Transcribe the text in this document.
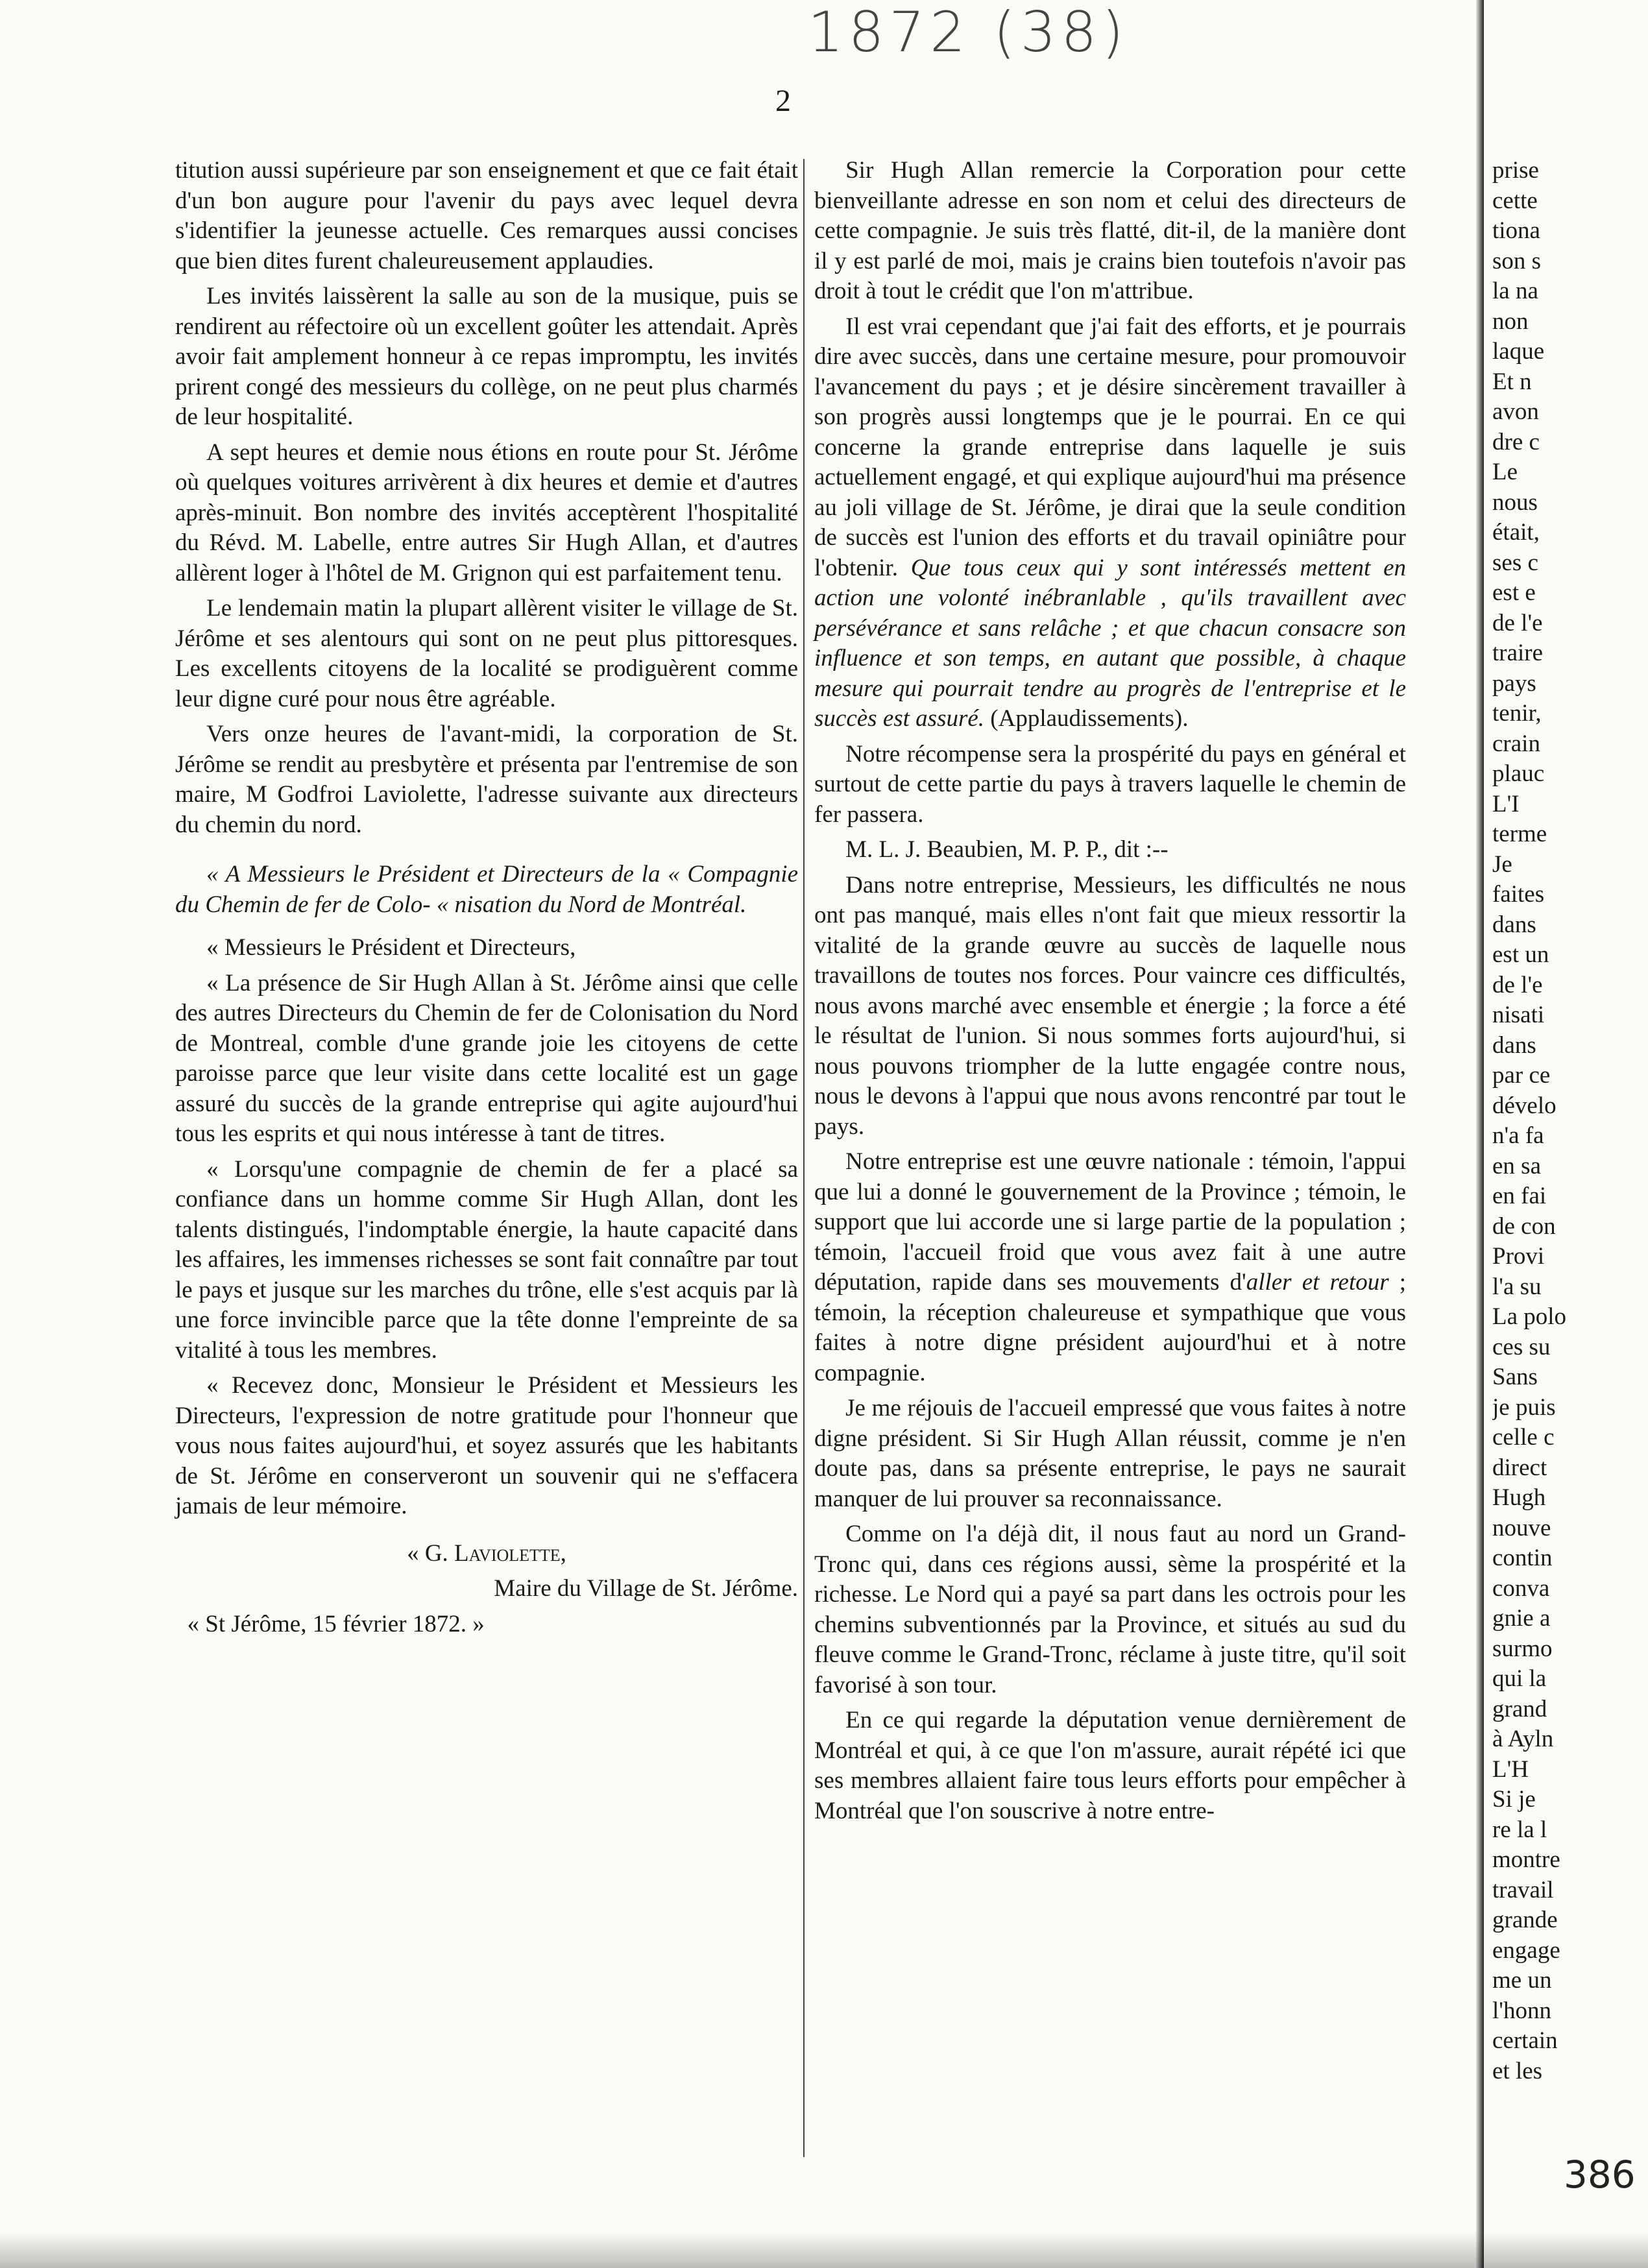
1872 (38)
2

titution aussi supérieure par son enseignement et que ce fait était d'un bon augure pour l'avenir du pays avec lequel devra s'identifier la jeunesse actuelle. Ces remarques aussi concises que bien dites furent chaleureusement applaudies.

Les invités laissèrent la salle au son de la musique, puis se rendirent au réfectoire où un excellent goûter les attendait. Après avoir fait amplement honneur à ce repas impromptu, les invités prirent congé des messieurs du collège, on ne peut plus charmés de leur hospitalité.

A sept heures et demie nous étions en route pour St. Jérôme où quelques voitures arrivèrent à dix heures et demie et d'autres après-minuit. Bon nombre des invités acceptèrent l'hospitalité du Révd. M. Labelle, entre autres Sir Hugh Allan, et d'autres allèrent loger à l'hôtel de M. Grignon qui est parfaitement tenu.

Le lendemain matin la plupart allèrent visiter le village de St. Jérôme et ses alentours qui sont on ne peut plus pittoresques. Les excellents citoyens de la localité se prodiguèrent comme leur digne curé pour nous être agréable.

Vers onze heures de l'avant-midi, la corporation de St. Jérôme se rendit au presbytère et présenta par l'entremise de son maire, M Godfroi Laviolette, l'adresse suivante aux directeurs du chemin du nord.

« A Messieurs le Président et Directeurs de la « Compagnie du Chemin de fer de Colo- « nisation du Nord de Montréal.

« Messieurs le Président et Directeurs,

« La présence de Sir Hugh Allan à St. Jérôme ainsi que celle des autres Directeurs du Chemin de fer de Colonisation du Nord de Montreal, comble d'une grande joie les citoyens de cette paroisse parce que leur visite dans cette localité est un gage assuré du succès de la grande entreprise qui agite aujourd'hui tous les esprits et qui nous intéresse à tant de titres.

« Lorsqu'une compagnie de chemin de fer a placé sa confiance dans un homme comme Sir Hugh Allan, dont les talents distingués, l'indomptable énergie, la haute capacité dans les affaires, les immenses richesses se sont fait connaître par tout le pays et jusque sur les marches du trône, elle s'est acquis par là une force invincible parce que la tête donne l'empreinte de sa vitalité à tous les membres.

« Recevez donc, Monsieur le Président et Messieurs les Directeurs, l'expression de notre gratitude pour l'honneur que vous nous faites aujourd'hui, et soyez assurés que les habitants de St. Jérôme en conserveront un souvenir qui ne s'effacera jamais de leur mémoire.

« G. Laviolette,

Maire du Village de St. Jérôme.

« St Jérôme, 15 février 1872. »

Sir Hugh Allan remercie la Corporation pour cette bienveillante adresse en son nom et celui des directeurs de cette compagnie. Je suis très flatté, dit-il, de la manière dont il y est parlé de moi, mais je crains bien toutefois n'avoir pas droit à tout le crédit que l'on m'attribue.

Il est vrai cependant que j'ai fait des efforts, et je pourrais dire avec succès, dans une certaine mesure, pour promouvoir l'avancement du pays ; et je désire sincèrement travailler à son progrès aussi longtemps que je le pourrai. En ce qui concerne la grande entreprise dans laquelle je suis actuellement engagé, et qui explique aujourd'hui ma présence au joli village de St. Jérôme, je dirai que la seule condition de succès est l'union des efforts et du travail opiniâtre pour l'obtenir. Que tous ceux qui y sont intéressés mettent en action une volonté inébranlable , qu'ils travaillent avec persévérance et sans relâche ; et que chacun consacre son influence et son temps, en autant que possible, à chaque mesure qui pourrait tendre au progrès de l'entreprise et le succès est assuré. (Applaudissements).

Notre récompense sera la prospérité du pays en général et surtout de cette partie du pays à travers laquelle le chemin de fer passera.

M. L. J. Beaubien, M. P. P., dit :--

Dans notre entreprise, Messieurs, les difficultés ne nous ont pas manqué, mais elles n'ont fait que mieux ressortir la vitalité de la grande œuvre au succès de laquelle nous travaillons de toutes nos forces. Pour vaincre ces difficultés, nous avons marché avec ensemble et énergie ; la force a été le résultat de l'union. Si nous sommes forts aujourd'hui, si nous pouvons triompher de la lutte engagée contre nous, nous le devons à l'appui que nous avons rencontré par tout le pays.

Notre entreprise est une œuvre nationale : témoin, l'appui que lui a donné le gouvernement de la Province ; témoin, le support que lui accorde une si large partie de la population ; témoin, l'accueil froid que vous avez fait à une autre députation, rapide dans ses mouvements d'aller et retour ; témoin, la réception chaleureuse et sympathique que vous faites à notre digne président aujourd'hui et à notre compagnie.

Je me réjouis de l'accueil empressé que vous faites à notre digne président. Si Sir Hugh Allan réussit, comme je n'en doute pas, dans sa présente entreprise, le pays ne saurait manquer de lui prouver sa reconnaissance.

Comme on l'a déjà dit, il nous faut au nord un Grand-Tronc qui, dans ces régions aussi, sème la prospérité et la richesse. Le Nord qui a payé sa part dans les octrois pour les chemins subventionnés par la Province, et situés au sud du fleuve comme le Grand-Tronc, réclame à juste titre, qu'il soit favorisé à son tour.

En ce qui regarde la députation venue dernièrement de Montréal et qui, à ce que l'on m'assure, aurait répété ici que ses membres allaient faire tous leurs efforts pour empêcher à Montréal que l'on souscrive à notre entre-

prise
cette
tiona
son s
la na
non
laque
Et n
avon
dre c
Le
nous
était,
ses c
est e
de l'e
traire
pays
tenir,
crain
plauc
L'I
terme
Je
faites
dans
est un
de l'e
nisati
dans
par ce
dévelo
n'a fa
en sa
en fai
de con
Provi
l'a su
La polo
ces su
Sans
je puis
celle c
direct
Hugh
nouve
contin
conva
gnie a
surmo
qui la
grand
à Ayln
L'H
Si je
re la l
montre
travail
grande
engage
me un
l'honn
certain
et les
386
